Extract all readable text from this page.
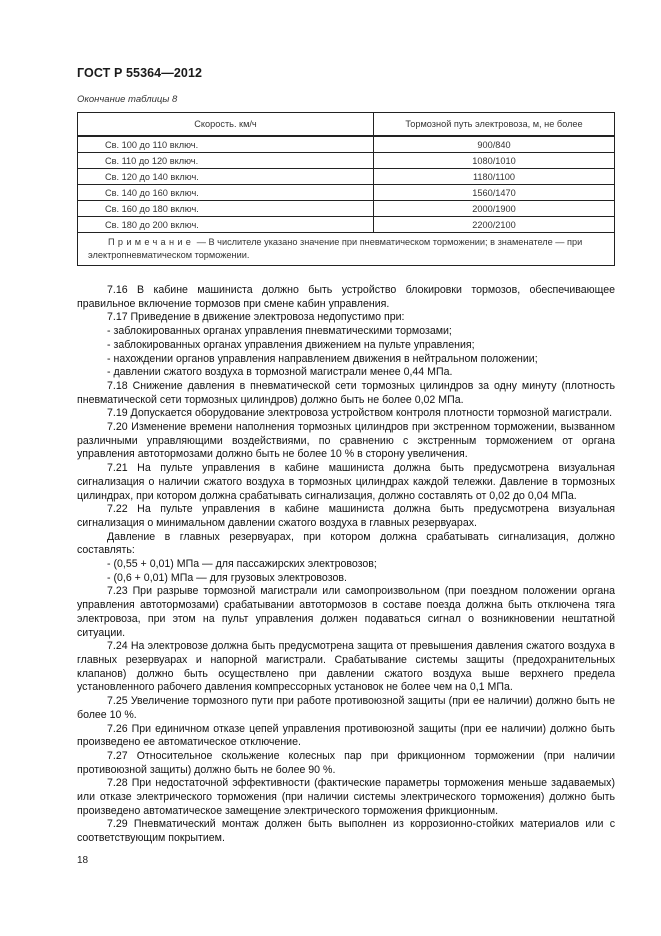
ГОСТ Р 55364—2012
Окончание таблицы 8
Скорость. км/ч	Тормозной путь электровоза, м, не более
Св. 100 до 110 включ.	900/840
Св. 110 до 120 включ.	1080/1010
Св. 120 до 140 включ.	1180/1100
Св. 140 до 160 включ.	1560/1470
Св. 160 до 180 включ.	2000/1900
Св. 180 до 200 включ.	2200/2100
Примечание — В числителе указано значение при пневматическом торможении; в знаменателе — при электропневматическом торможении.	

7.16 В кабине машиниста должно быть устройство блокировки тормозов, обеспечивающее правильное включение тормозов при смене кабин управления.

7.17 Приведение в движение электровоза недопустимо при:

- заблокированных органах управления пневматическими тормозами;

- заблокированных органах управления движением на пульте управления;

- нахождении органов управления направлением движения в нейтральном положении;

- давлении сжатого воздуха в тормозной магистрали менее 0,44 МПа.

7.18 Снижение давления в пневматической сети тормозных цилиндров за одну минуту (плотность пневматической сети тормозных цилиндров) должно быть не более 0,02 МПа.

7.19 Допускается оборудование электровоза устройством контроля плотности тормозной магистрали.

7.20 Изменение времени наполнения тормозных цилиндров при экстренном торможении, вызванном различными управляющими воздействиями, по сравнению с экстренным торможением от органа управления автотормозами должно быть не более 10 % в сторону увеличения.

7.21 На пульте управления в кабине машиниста должна быть предусмотрена визуальная сигнализация о наличии сжатого воздуха в тормозных цилиндрах каждой тележки. Давление в тормозных цилиндрах, при котором должна срабатывать сигнализация, должно составлять от 0,02 до 0,04 МПа.

7.22 На пульте управления в кабине машиниста должна быть предусмотрена визуальная сигнализация о минимальном давлении сжатого воздуха в главных резервуарах.

Давление в главных резервуарах, при котором должна срабатывать сигнализация, должно составлять:

- (0,55 + 0,01) МПа — для пассажирских электровозов;

- (0,6 + 0,01) МПа — для грузовых электровозов.

7.23 При разрыве тормозной магистрали или самопроизвольном (при поездном положении органа управления автотормозами) срабатывании автотормозов в составе поезда должна быть отключена тяга электровоза, при этом на пульт управления должен подаваться сигнал о возникновении нештатной ситуации.

7.24 На электровозе должна быть предусмотрена защита от превышения давления сжатого воздуха в главных резервуарах и напорной магистрали. Срабатывание системы защиты (предохранительных клапанов) должно быть осуществлено при давлении сжатого воздуха выше верхнего предела установленного рабочего давления компрессорных установок не более чем на 0,1 МПа.

7.25 Увеличение тормозного пути при работе противоюзной защиты (при ее наличии) должно быть не более 10 %.

7.26 При единичном отказе цепей управления противоюзной защиты (при ее наличии) должно быть произведено ее автоматическое отключение.

7.27 Относительное скольжение колесных пар при фрикционном торможении (при наличии противоюзной защиты) должно быть не более 90 %.

7.28 При недостаточной эффективности (фактические параметры торможения меньше задаваемых) или отказе электрического торможения (при наличии системы электрического торможения) должно быть произведено автоматическое замещение электрического торможения фрикционным.

7.29 Пневматический монтаж должен быть выполнен из коррозионно-стойких материалов или с соответствующим покрытием.

18
